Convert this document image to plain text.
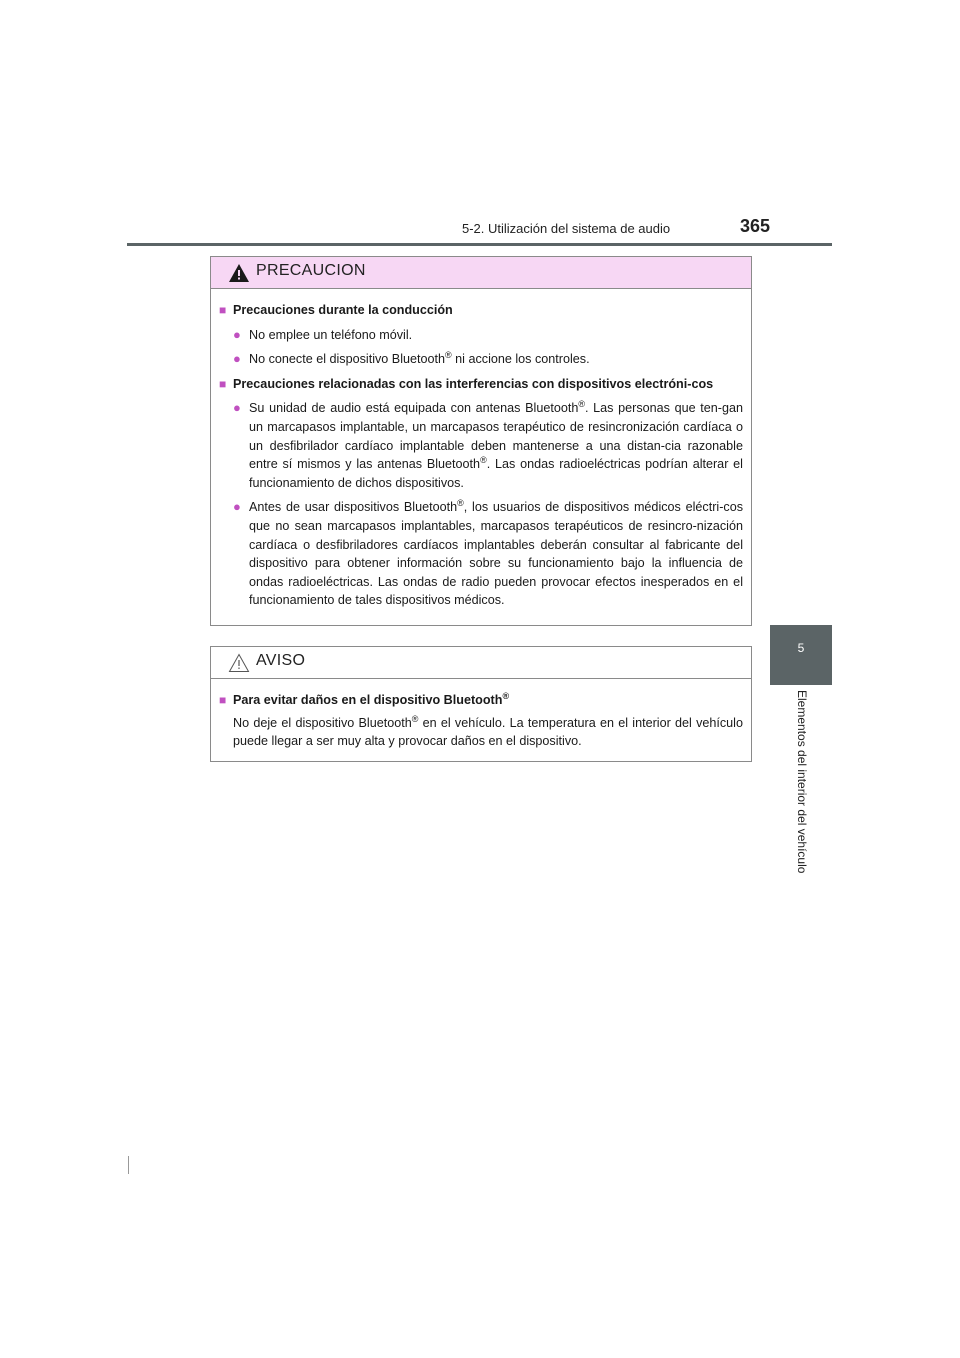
5-2. Utilización del sistema de audio	365
5
Elementos del interior del vehículo
PRECAUCION
■ Precauciones durante la conducción
● No emplee un teléfono móvil.
● No conecte el dispositivo Bluetooth® ni accione los controles.
■ Precauciones relacionadas con las interferencias con dispositivos electróni-cos
● Su unidad de audio está equipada con antenas Bluetooth®. Las personas que ten-gan un marcapasos implantable, un marcapasos terapéutico de resincronización cardíaca o un desfibrilador cardíaco implantable deben mantenerse a una distan-cia razonable entre sí mismos y las antenas Bluetooth®. Las ondas radioeléctricas podrían alterar el funcionamiento de dichos dispositivos.
● Antes de usar dispositivos Bluetooth®, los usuarios de dispositivos médicos eléctri-cos que no sean marcapasos implantables, marcapasos terapéuticos de resincro-nización cardíaca o desfibriladores cardíacos implantables deberán consultar al fabricante del dispositivo para obtener información sobre su funcionamiento bajo la influencia de ondas radioeléctricas. Las ondas de radio pueden provocar efectos inesperados en el funcionamiento de tales dispositivos médicos.
AVISO
■ Para evitar daños en el dispositivo Bluetooth®
No deje el dispositivo Bluetooth® en el vehículo. La temperatura en el interior del vehículo puede llegar a ser muy alta y provocar daños en el dispositivo.
